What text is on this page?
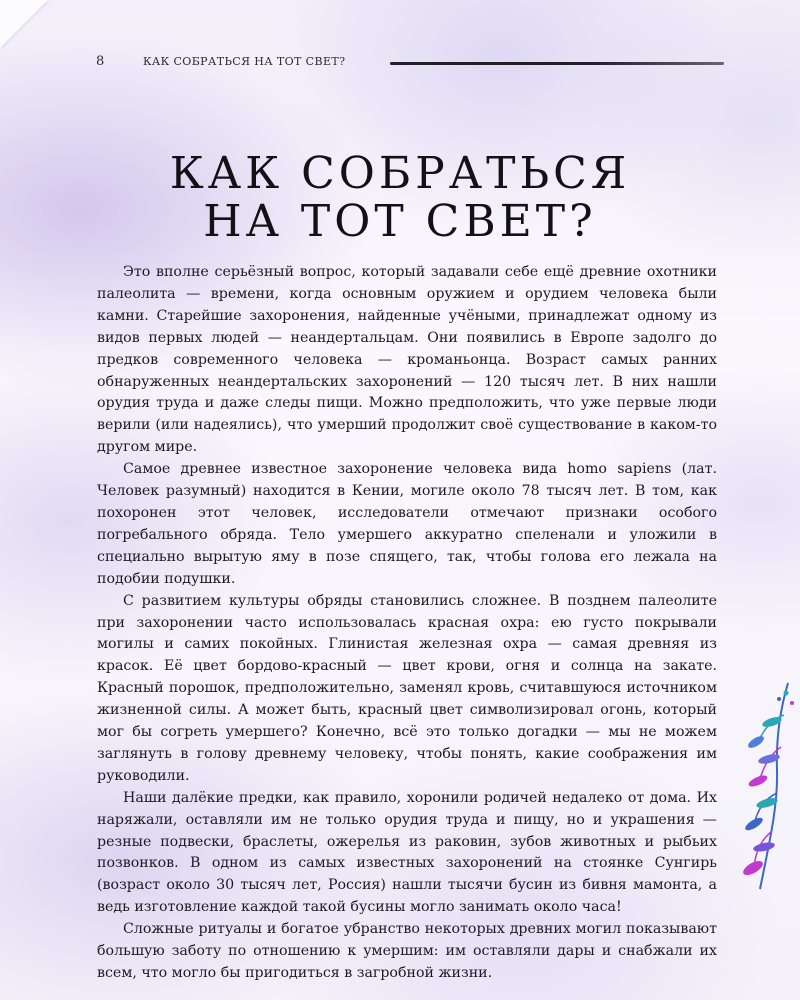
8	КАК СОБРАТЬСЯ НА ТОТ СВЕТ?
КАК СОБРАТЬСЯ
НА ТОТ СВЕТ?

Это вполне серьёзный вопрос, который задавали себе ещё древние охотники палеолита — времени, когда основным оружием и орудием человека были камни. Старейшие захоронения, найденные учёными, принадлежат одному из видов первых людей — неандертальцам. Они появились в Европе задолго до предков современного человека — кроманьонца. Возраст самых ранних обнаруженных неандертальских захоронений — 120 тысяч лет. В них нашли орудия труда и даже следы пищи. Можно предположить, что уже первые люди верили (или надеялись), что умерший продолжит своё существование в каком-то другом мире.

Самое древнее известное захоронение человека вида homo sapiens (лат. Человек разумный) находится в Кении, могиле около 78 тысяч лет. В том, как похоронен этот человек, исследователи отмечают признаки особого погребального обряда. Тело умершего аккуратно спеленали и уложили в специально вырытую яму в позе спящего, так, чтобы голова его лежала на подобии подушки.

С развитием культуры обряды становились сложнее. В позднем палеолите при захоронении часто использовалась красная охра: ею густо покрывали могилы и самих покойных. Глинистая железная охра — самая древняя из красок. Её цвет бордово-красный — цвет крови, огня и солнца на закате. Красный порошок, предположительно, заменял кровь, считавшуюся источником жизненной силы. А может быть, красный цвет символизировал огонь, который мог бы согреть умершего? Конечно, всё это только догадки — мы не можем заглянуть в голову древнему человеку, чтобы понять, какие соображения им руководили.

Наши далёкие предки, как правило, хоронили родичей недалеко от дома. Их наряжали, оставляли им не только орудия труда и пищу, но и украшения — резные подвески, браслеты, ожерелья из раковин, зубов животных и рыбьих позвонков. В одном из самых известных захоронений на стоянке Сунгирь (возраст около 30 тысяч лет, Россия) нашли тысячи бусин из бивня мамонта, а ведь изготовление каждой такой бусины могло занимать около часа!

Сложные ритуалы и богатое убранство некоторых древних могил показывают большую заботу по отношению к умершим: им оставляли дары и снабжали их всем, что могло бы пригодиться в загробной жизни.
